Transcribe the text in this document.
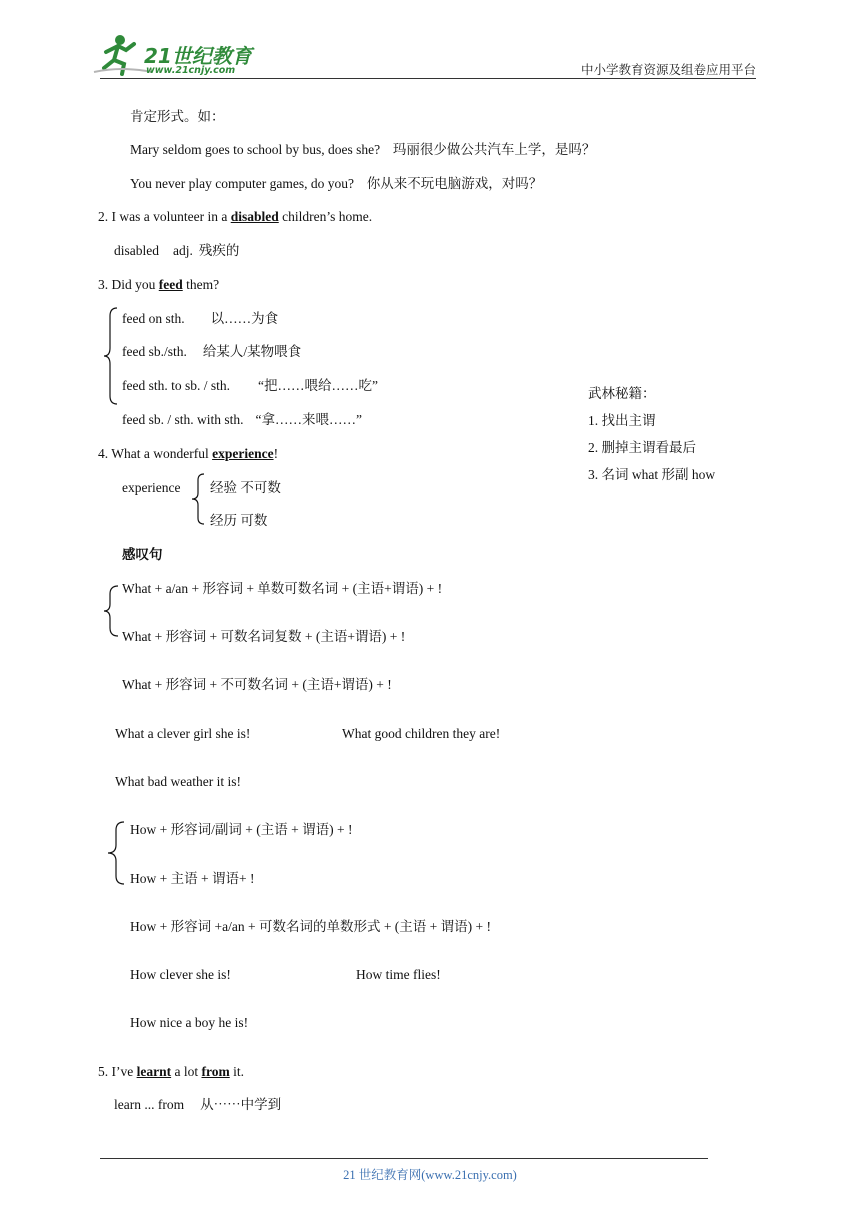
21世纪教育
www.21cnjy.com	中小学教育资源及组卷应用平台
肯定形式。如：
Mary seldom goes to school by bus, does she? 玛丽很少做公共汽车上学，是吗？
You never play computer games, do you? 你从来不玩电脑游戏，对吗？
2. I was a volunteer in a disabled children’s home.
disabled adj. 残疾的
3. Did you feed them?
feed on sth. 以……为食
feed sb./sth. 给某人/某物喂食
feed sth. to sb. / sth. “把……喂给……吃”
feed sb. / sth. with sth. “拿……来喂……”
武林秘籍：
1. 找出主谓
2. 删掉主谓看最后
3. 名词 what 形副 how
4. What a wonderful experience!
experience 经验 不可数
经历 可数
感叹句
What + a/an + 形容词 + 单数可数名词 + (主语+谓语) + !
What + 形容词 + 可数名词复数 + (主语+谓语) + !
What + 形容词 + 不可数名词 + (主语+谓语) + !
What a clever girl she is!	What good children they are!
What bad weather it is!
How + 形容词/副词 + (主语 + 谓语) + !
How + 主语 + 谓语+ !
How + 形容词 +a/an + 可数名词的单数形式 + (主语 + 谓语) + !
How clever she is!	How time flies!
How nice a boy he is!
5. I’ve learnt a lot from it.
learn ... from 从⋯⋯中学到
21 世纪教育网(www.21cnjy.com)
